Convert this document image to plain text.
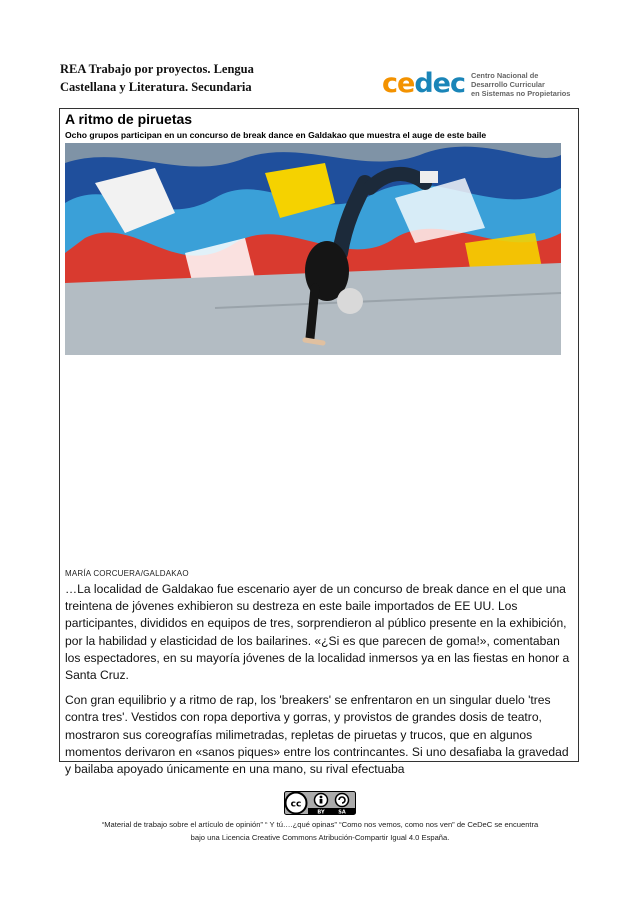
REA Trabajo por proyectos. Lengua
Castellana y Literatura. Secundaria	cedec Centro Nacional de
Desarrollo Curricular
en Sistemas no Propietarios
A ritmo de piruetas
Ocho grupos participan en un concurso de break dance en Galdakao que muestra el auge de este baile
MARÍA CORCUERA/GALDAKAO

…La localidad de Galdakao fue escenario ayer de un concurso de break dance en el que una treintena de jóvenes exhibieron su destreza en este baile importados de EE UU. Los participantes, divididos en equipos de tres, sorprendieron al público presente en la exhibición, por la habilidad y elasticidad de los bailarines. «¿Si es que parecen de goma!», comentaban los espectadores, en su mayoría jóvenes de la localidad inmersos ya en las fiestas en honor a Santa Cruz.

Con gran equilibrio y a ritmo de rap, los 'breakers' se enfrentaron en un singular duelo 'tres contra tres'. Vestidos con ropa deportiva y gorras, y provistos de grandes dosis de teatro, mostraron sus coreografías milimetradas, repletas de piruetas y trucos, que en algunos momentos derivaron en «sanos piques» entre los contrincantes. Si uno desafiaba la gravedad y bailaba apoyado únicamente en una mano, su rival efectuaba

cc
BY	SA
“Material de trabajo sobre el artículo de opinión” “ Y tú….¿qué opinas” “Como nos vemos, como nos ven” de CeDeC se encuentra
bajo una Licencia Creative Commons Atribución-Compartir Igual 4.0 España.
